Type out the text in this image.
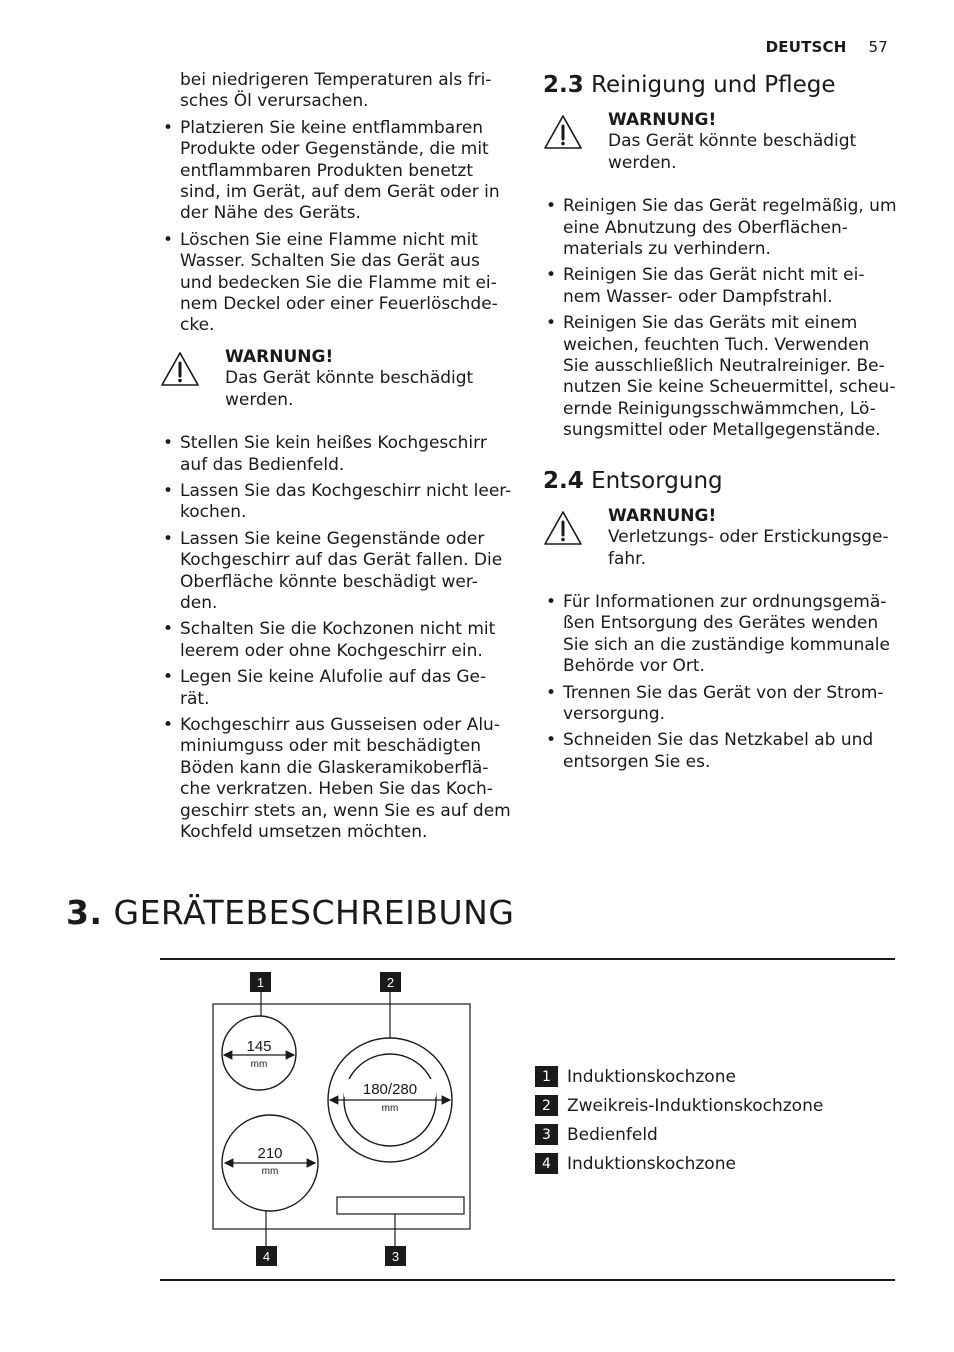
DEUTSCH 57
bei niedrigeren Temperaturen als fri- sches Öl verursachen.
• Platzieren Sie keine entflammbaren Produkte oder Gegenstände, die mit entflammbaren Produkten benetzt sind, im Gerät, auf dem Gerät oder in der Nähe des Geräts.
• Löschen Sie eine Flamme nicht mit Wasser. Schalten Sie das Gerät aus und bedecken Sie die Flamme mit ei- nem Deckel oder einer Feuerlöschde- cke.
WARNUNG!
Das Gerät könnte beschädigt werden.
• Stellen Sie kein heißes Kochgeschirr auf das Bedienfeld.
• Lassen Sie das Kochgeschirr nicht leer- kochen.
• Lassen Sie keine Gegenstände oder Kochgeschirr auf das Gerät fallen. Die Oberfläche könnte beschädigt wer- den.
• Schalten Sie die Kochzonen nicht mit leerem oder ohne Kochgeschirr ein.
• Legen Sie keine Alufolie auf das Ge- rät.
• Kochgeschirr aus Gusseisen oder Alu- miniumguss oder mit beschädigten Böden kann die Glaskeramikoberflä- che verkratzen. Heben Sie das Koch- geschirr stets an, wenn Sie es auf dem Kochfeld umsetzen möchten.
2.3 Reinigung und Pflege
WARNUNG!
Das Gerät könnte beschädigt werden.
• Reinigen Sie das Gerät regelmäßig, um eine Abnutzung des Oberflächen- materials zu verhindern.
• Reinigen Sie das Gerät nicht mit ei- nem Wasser- oder Dampfstrahl.
• Reinigen Sie das Geräts mit einem weichen, feuchten Tuch. Verwenden Sie ausschließlich Neutralreiniger. Be- nutzen Sie keine Scheuermittel, scheu- ernde Reinigungsschwämmchen, Lö- sungsmittel oder Metallgegenstände.
2.4 Entsorgung
WARNUNG!
Verletzungs- oder Erstickungsge- fahr.
• Für Informationen zur ordnungsgemä- ßen Entsorgung des Gerätes wenden Sie sich an die zuständige kommunale Behörde vor Ort.
• Trennen Sie das Gerät von der Strom- versorgung.
• Schneiden Sie das Netzkabel ab und entsorgen Sie es.
3. GERÄTEBESCHREIBUNG
145
mm
180/280
mm
210
mm
1	2
3
4
1 Induktionskochzone
2 Zweikreis-Induktionskochzone
3 Bedienfeld
4 Induktionskochzone
